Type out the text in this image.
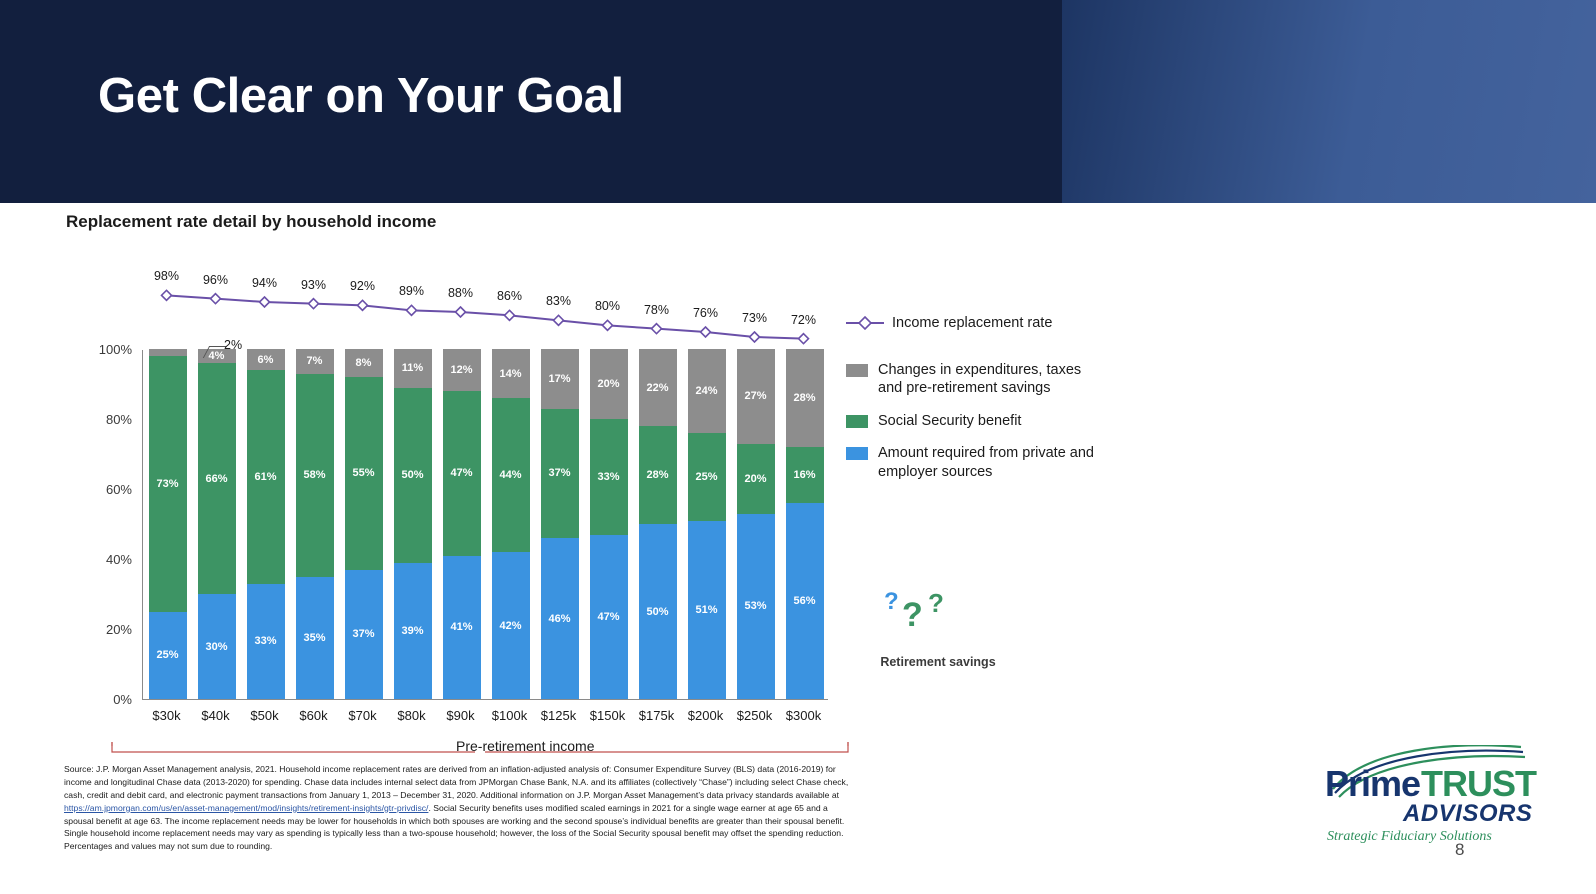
Get Clear on Your Goal
Replacement rate detail by household income
73%
25%
4%
66%
30%
6%
61%
33%
7%
58%
35%
8%
55%
37%
11%
50%
39%
12%
47%
41%
14%
44%
42%
17%
37%
46%
20%
33%
47%
22%
28%
50%
24%
25%
51%
27%
20%
53%
28%
16%
56%
2%
Pre-retirement income
0%
20%
40%
60%
80%
100%
$30k	$40k	$50k	$60k	$70k	$80k	$90k	$100k	$125k	$150k	$175k	$200k	$250k	$300k
98%	96%	94%	93%	92%	89%	88%	86%	83%	80%	78%	76%	73%	72%	Income replacement rate
Changes in expenditures, taxes and pre-retirement savings
Social Security benefit
Amount required from private and employer sources
? ? ?
Retirement savings
Source: J.P. Morgan Asset Management analysis, 2021. Household income replacement rates are derived from an inflation-adjusted analysis of: Consumer Expenditure Survey (BLS) data (2016-2019) for income and longitudinal Chase data (2013-2020) for spending. Chase data includes internal select data from JPMorgan Chase Bank, N.A. and its affiliates (collectively “Chase”) including select Chase check, cash, credit and debit card, and electronic payment transactions from January 1, 2013 – December 31, 2020. Additional information on J.P. Morgan Asset Management’s data privacy standards available at https://am.jpmorgan.com/us/en/asset-management/mod/insights/retirement-insights/gtr-privdisc/. Social Security benefits uses modified scaled earnings in 2021 for a single wage earner at age 65 and a spousal benefit at age 63. The income replacement needs may be lower for households in which both spouses are working and the second spouse’s individual benefits are greater than their spousal benefit. Single household income replacement needs may vary as spending is typically less than a two-spouse household; however, the loss of the Social Security spousal benefit may offset the spending reduction. Percentages and values may not sum due to rounding.
Prime TRUST
ADVISORS
Strategic Fiduciary Solutions
8
